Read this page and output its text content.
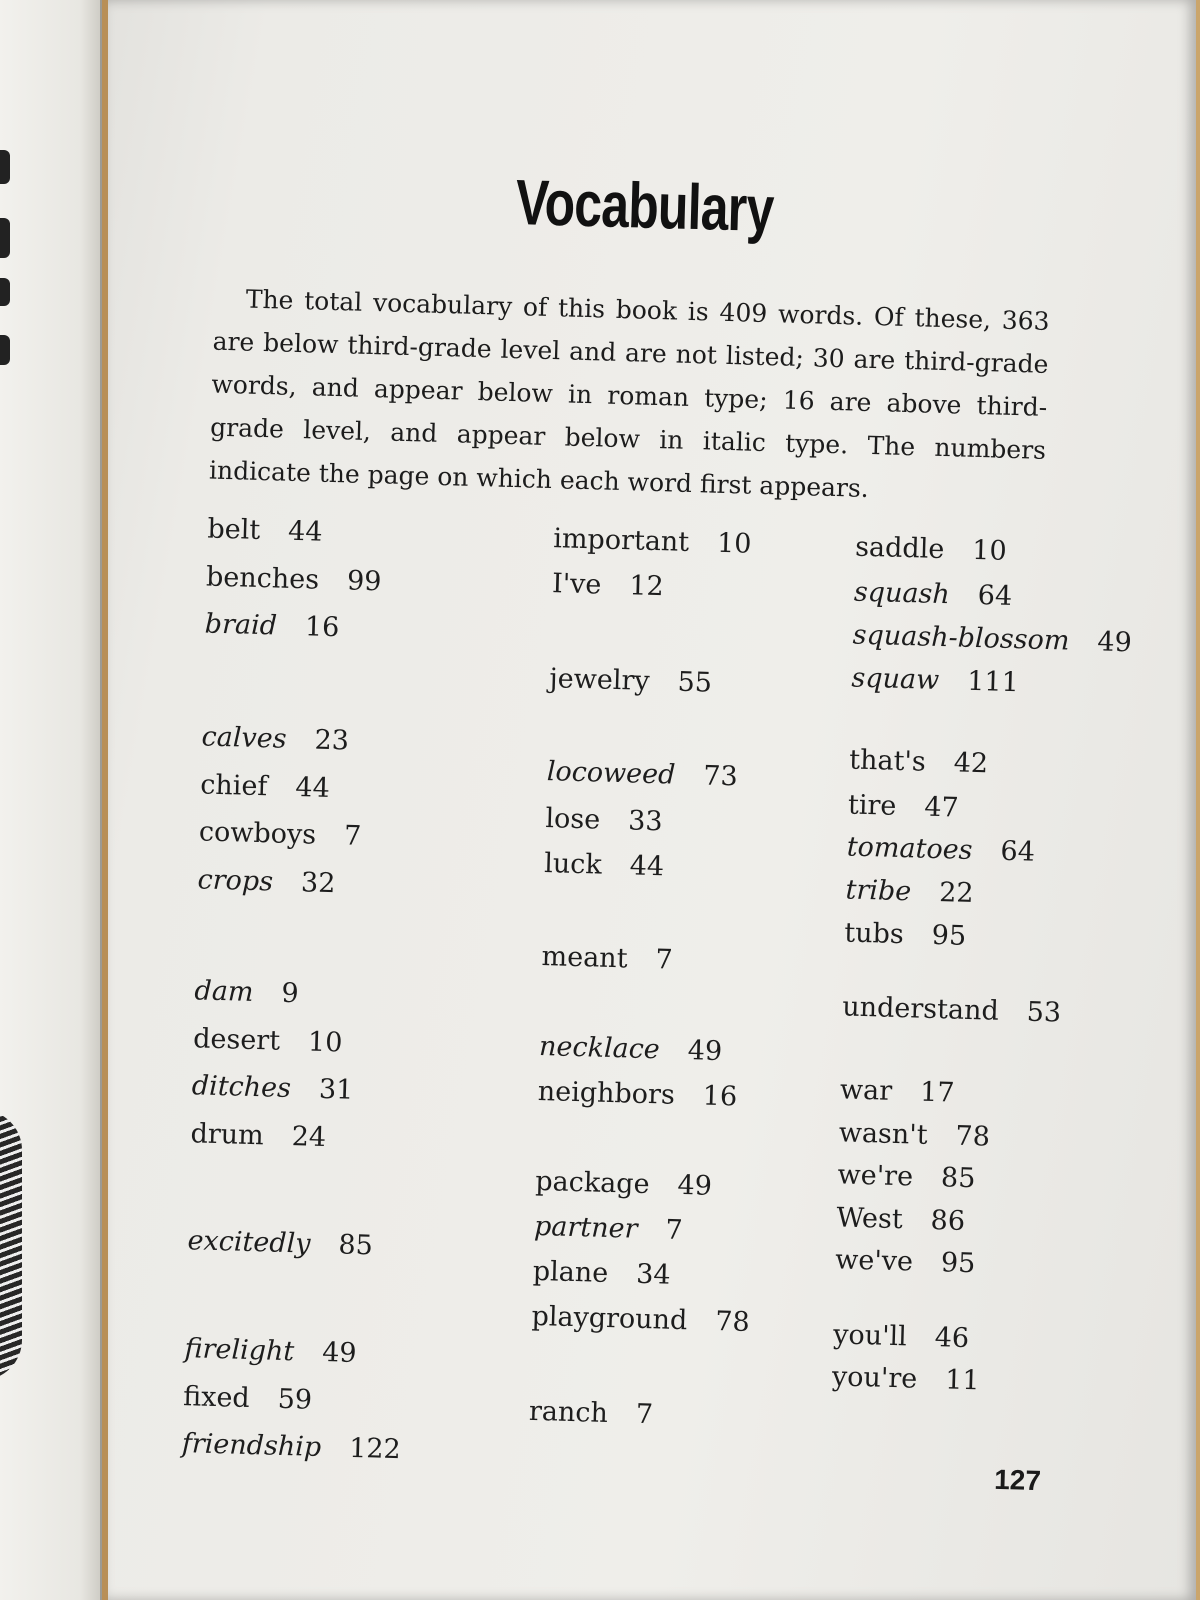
Vocabulary

The total vocabulary of this book is 409 words. Of these, 363 are below third-grade level and are not listed; 30 are third-grade words, and appear below in roman type; 16 are above third-grade level, and appear below in italic type. The numbers indicate the page on which each word first appears.

belt 44
benches 99
braid 16
calves 23
chief 44
cowboys 7
crops 32
dam 9
desert 10
ditches 31
drum 24
excitedly 85
firelight 49
fixed 59
friendship 122
important 10
I've 12
jewelry 55
locoweed 73
lose 33
luck 44
meant 7
necklace 49
neighbors 16
package 49
partner 7
plane 34
playground 78
ranch 7
saddle 10
squash 64
squash-blossom 49
squaw 111
that's 42
tire 47
tomatoes 64
tribe 22
tubs 95
understand 53
war 17
wasn't 78
we're 85
West 86
we've 95
you'll 46
you're 11
127
